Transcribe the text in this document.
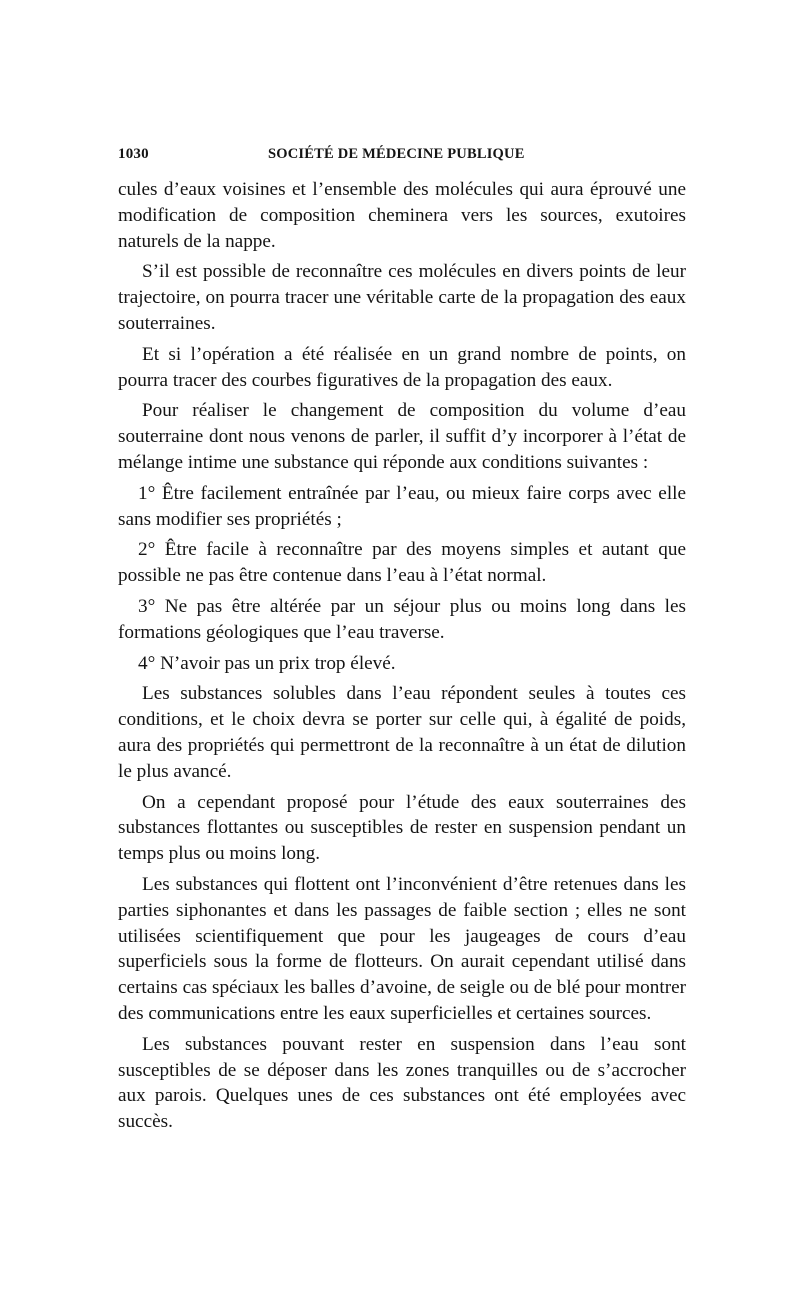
1030	SOCIÉTÉ DE MÉDECINE PUBLIQUE

cules d’eaux voisines et l’ensemble des molécules qui aura éprouvé une modification de composition cheminera vers les sources, exutoires naturels de la nappe.

S’il est possible de reconnaître ces molécules en divers points de leur trajectoire, on pourra tracer une véritable carte de la propagation des eaux souterraines.

Et si l’opération a été réalisée en un grand nombre de points, on pourra tracer des courbes figuratives de la propagation des eaux.

Pour réaliser le changement de composition du volume d’eau souterraine dont nous venons de parler, il suffit d’y incorporer à l’état de mélange intime une substance qui réponde aux conditions suivantes :

1° Être facilement entraînée par l’eau, ou mieux faire corps avec elle sans modifier ses propriétés ;

2° Être facile à reconnaître par des moyens simples et autant que possible ne pas être contenue dans l’eau à l’état normal.

3° Ne pas être altérée par un séjour plus ou moins long dans les formations géologiques que l’eau traverse.

4° N’avoir pas un prix trop élevé.

Les substances solubles dans l’eau répondent seules à toutes ces conditions, et le choix devra se porter sur celle qui, à égalité de poids, aura des propriétés qui permettront de la reconnaître à un état de dilution le plus avancé.

On a cependant proposé pour l’étude des eaux souterraines des substances flottantes ou susceptibles de rester en suspension pendant un temps plus ou moins long.

Les substances qui flottent ont l’inconvénient d’être retenues dans les parties siphonantes et dans les passages de faible section ; elles ne sont utilisées scientifiquement que pour les jaugeages de cours d’eau superficiels sous la forme de flotteurs. On aurait cependant utilisé dans certains cas spéciaux les balles d’avoine, de seigle ou de blé pour montrer des communications entre les eaux superficielles et certaines sources.

Les substances pouvant rester en suspension dans l’eau sont susceptibles de se déposer dans les zones tranquilles ou de s’accrocher aux parois. Quelques unes de ces substances ont été employées avec succès.
